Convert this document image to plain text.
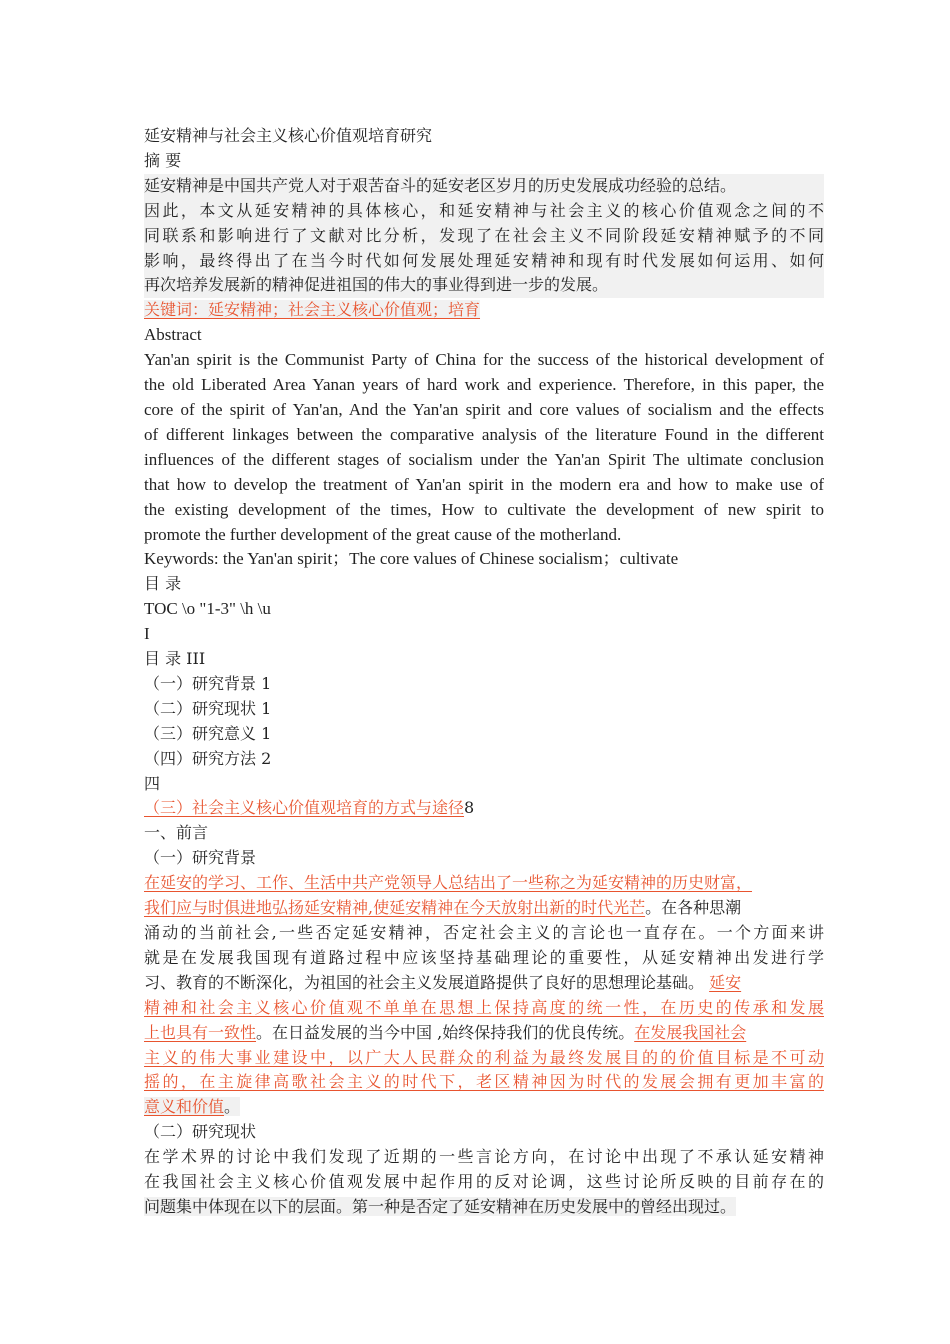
延安精神与社会主义核心价值观培育研究
摘 要
延安精神是中国共产党人对于艰苦奋斗的延安老区岁月的历史发展成功经验的总结。
因此，本文从延安精神的具体核心，和延安精神与社会主义的核心价值观念之间的不
同联系和影响进行了文献对比分析，发现了在社会主义不同阶段延安精神赋予的不同
影响，最终得出了在当今时代如何发展处理延安精神和现有时代发展如何运用、如何
再次培养发展新的精神促进祖国的伟大的事业得到进一步的发展。
关键词：延安精神；社会主义核心价值观；培育
Abstract
Yan'an spirit is the Communist Party of China for the success of the historical development of
the old Liberated Area Yanan years of hard work and experience. Therefore, in this paper, the
core of the spirit of Yan'an, And the Yan'an spirit and core values of socialism and the effects
of different linkages between the comparative analysis of the literature Found in the different
influences of the different stages of socialism under the Yan'an Spirit The ultimate conclusion
that how to develop the treatment of Yan'an spirit in the modern era and how to make use of
the existing development of the times, How to cultivate the development of new spirit to
promote the further development of the great cause of the motherland.
Keywords: the Yan'an spirit；The core values of Chinese socialism；cultivate
目 录
TOC \o "1-3" \h \u
I
目 录 III
（一）研究背景 1
（二）研究现状 1
（三）研究意义 1
（四）研究方法 2
四
（三）社会主义核心价值观培育的方式与途径8
一、前言
（一）研究背景
在延安的学习、工作、生活中共产党领导人总结出了一些称之为延安精神的历史财富，
我们应与时俱进地弘扬延安精神,使延安精神在今天放射出新的时代光芒。在各种思潮
涌动的当前社会,一些否定延安精神，否定社会主义的言论也一直存在。一个方面来讲
就是在发展我国现有道路过程中应该坚持基础理论的重要性，从延安精神出发进行学
习、教育的不断深化，为祖国的社会主义发展道路提供了良好的思想理论基础。 延安
精神和社会主义核心价值观不单单在思想上保持高度的统一性，在历史的传承和发展
上也具有一致性。在日益发展的当今中国 ,始终保持我们的优良传统。在发展我国社会
主义的伟大事业建设中，以广大人民群众的利益为最终发展目的的价值目标是不可动
摇的，在主旋律高歌社会主义的时代下，老区精神因为时代的发展会拥有更加丰富的
意义和价值。
（二）研究现状
在学术界的讨论中我们发现了近期的一些言论方向，在讨论中出现了不承认延安精神
在我国社会主义核心价值观发展中起作用的反对论调，这些讨论所反映的目前存在的
问题集中体现在以下的层面。第一种是否定了延安精神在历史发展中的曾经出现过。
